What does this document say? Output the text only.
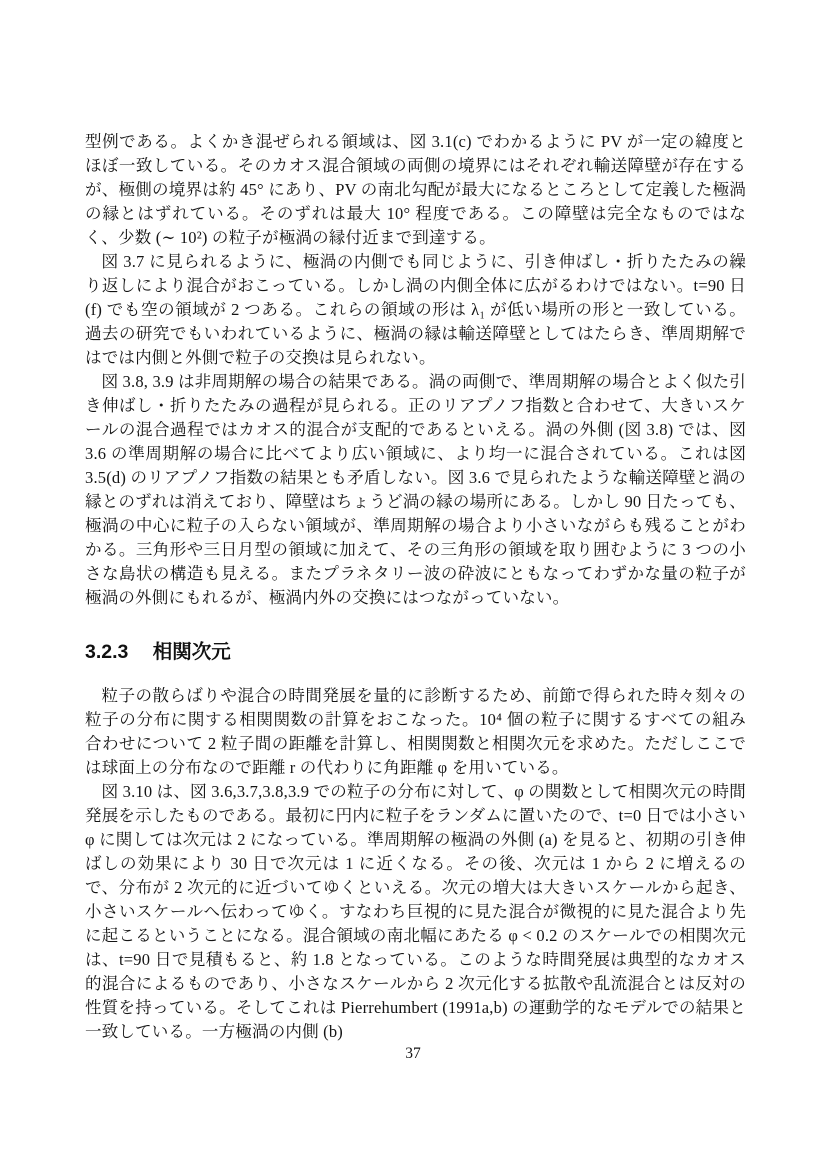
型例である。よくかき混ぜられる領域は、図 3.1(c) でわかるように PV が一定の緯度とほぼ一致している。そのカオス混合領域の両側の境界にはそれぞれ輸送障壁が存在するが、極側の境界は約 45° にあり、PV の南北勾配が最大になるところとして定義した極渦の縁とはずれている。そのずれは最大 10° 程度である。この障壁は完全なものではなく、少数 (∼ 10²) の粒子が極渦の縁付近まで到達する。

図 3.7 に見られるように、極渦の内側でも同じように、引き伸ばし・折りたたみの繰り返しにより混合がおこっている。しかし渦の内側全体に広がるわけではない。t=90 日 (f) でも空の領域が 2 つある。これらの領域の形は λ₁ が低い場所の形と一致している。過去の研究でもいわれているように、極渦の縁は輸送障壁としてはたらき、準周期解ではでは内側と外側で粒子の交換は見られない。

図 3.8, 3.9 は非周期解の場合の結果である。渦の両側で、準周期解の場合とよく似た引き伸ばし・折りたたみの過程が見られる。正のリアプノフ指数と合わせて、大きいスケールの混合過程ではカオス的混合が支配的であるといえる。渦の外側 (図 3.8) では、図 3.6 の準周期解の場合に比べてより広い領域に、より均一に混合されている。これは図 3.5(d) のリアプノフ指数の結果とも矛盾しない。図 3.6 で見られたような輸送障壁と渦の縁とのずれは消えており、障壁はちょうど渦の縁の場所にある。しかし 90 日たっても、極渦の中心に粒子の入らない領域が、準周期解の場合より小さいながらも残ることがわかる。三角形や三日月型の領域に加えて、その三角形の領域を取り囲むように 3 つの小さな島状の構造も見える。またプラネタリー波の砕波にともなってわずかな量の粒子が極渦の外側にもれるが、極渦内外の交換にはつながっていない。

3.2.3 相関次元

粒子の散らばりや混合の時間発展を量的に診断するため、前節で得られた時々刻々の粒子の分布に関する相関関数の計算をおこなった。10⁴ 個の粒子に関するすべての組み合わせについて 2 粒子間の距離を計算し、相関関数と相関次元を求めた。ただしここでは球面上の分布なので距離 r の代わりに角距離 φ を用いている。

図 3.10 は、図 3.6,3.7,3.8,3.9 での粒子の分布に対して、φ の関数として相関次元の時間発展を示したものである。最初に円内に粒子をランダムに置いたので、t=0 日では小さい φ に関しては次元は 2 になっている。準周期解の極渦の外側 (a) を見ると、初期の引き伸ばしの効果により 30 日で次元は 1 に近くなる。その後、次元は 1 から 2 に増えるので、分布が 2 次元的に近づいてゆくといえる。次元の増大は大きいスケールから起き、小さいスケールへ伝わってゆく。すなわち巨視的に見た混合が微視的に見た混合より先に起こるということになる。混合領域の南北幅にあたる φ < 0.2 のスケールでの相関次元は、t=90 日で見積もると、約 1.8 となっている。このような時間発展は典型的なカオス的混合によるものであり、小さなスケールから 2 次元化する拡散や乱流混合とは反対の性質を持っている。そしてこれは Pierrehumbert (1991a,b) の運動学的なモデルでの結果と一致している。一方極渦の内側 (b)

37
